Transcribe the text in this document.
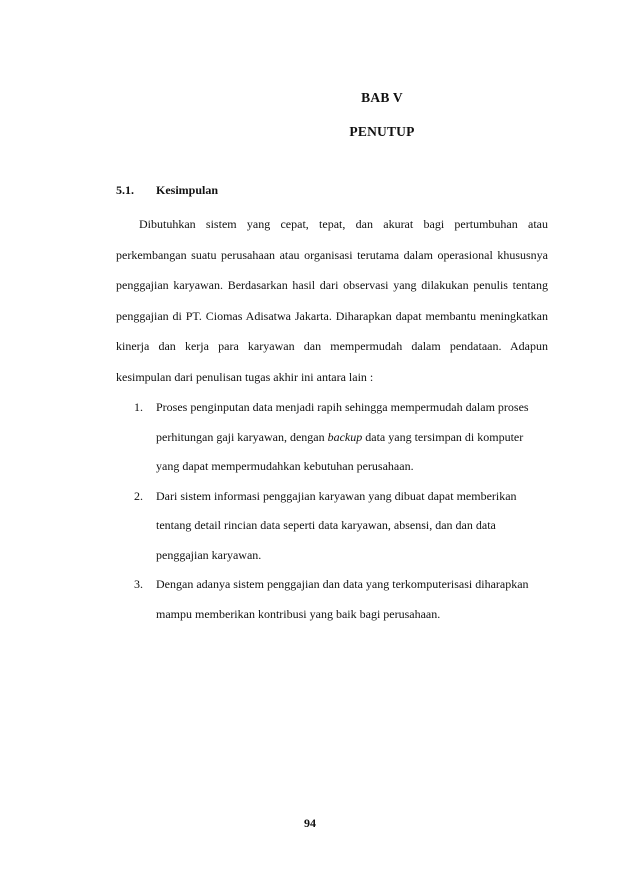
BAB V
PENUTUP
5.1. Kesimpulan
Dibutuhkan sistem yang cepat, tepat, dan akurat bagi pertumbuhan atau perkembangan suatu perusahaan atau organisasi terutama dalam operasional khususnya penggajian karyawan. Berdasarkan hasil dari observasi yang dilakukan penulis tentang penggajian di PT. Ciomas Adisatwa Jakarta. Diharapkan dapat membantu meningkatkan kinerja dan kerja para karyawan dan mempermudah dalam pendataan. Adapun kesimpulan dari penulisan tugas akhir ini antara lain :
1. Proses penginputan data menjadi rapih sehingga mempermudah dalam proses perhitungan gaji karyawan, dengan backup data yang tersimpan di komputer yang dapat mempermudahkan kebutuhan perusahaan.
2. Dari sistem informasi penggajian karyawan yang dibuat dapat memberikan tentang detail rincian data seperti data karyawan, absensi, dan dan data penggajian karyawan.
3. Dengan adanya sistem penggajian dan data yang terkomputerisasi diharapkan mampu memberikan kontribusi yang baik bagi perusahaan.
94
